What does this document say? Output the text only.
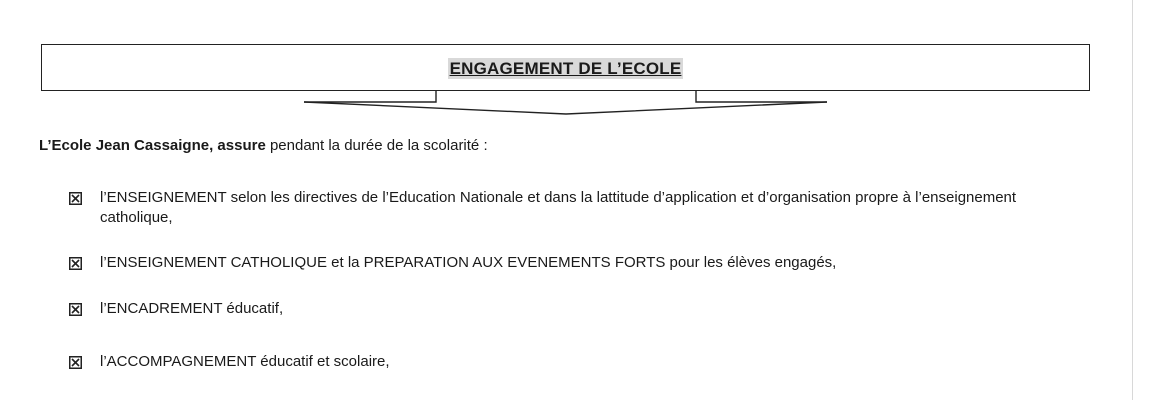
ENGAGEMENT DE L’ECOLE
L’Ecole Jean Cassaigne, assure pendant la durée de la scolarité :
l’ENSEIGNEMENT selon les directives de l’Education Nationale et dans la lattitude d’application et d’organisation propre à l’enseignement catholique,
l’ENSEIGNEMENT CATHOLIQUE et la PREPARATION AUX EVENEMENTS FORTS pour les élèves engagés,
l’ENCADREMENT éducatif,
l’ACCOMPAGNEMENT éducatif et scolaire,
